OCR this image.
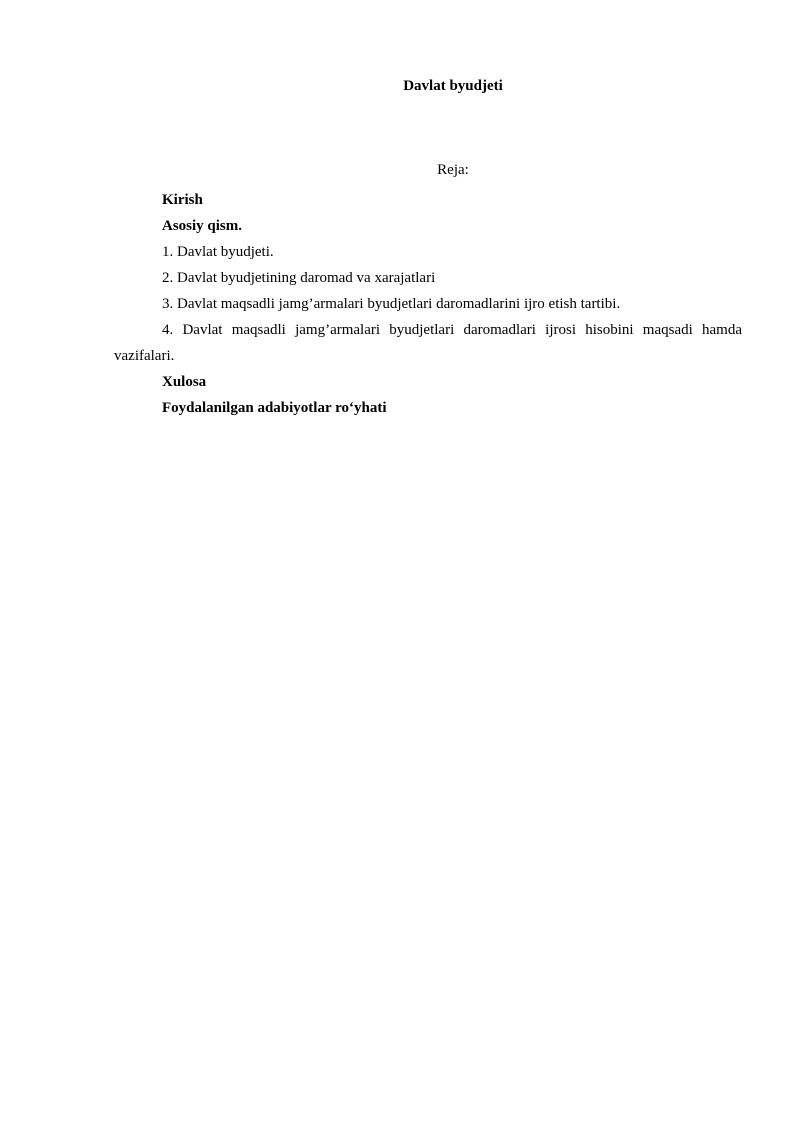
Davlat byudjeti

Reja:

Kirish

Asosiy qism.

1. Davlat byudjeti.

2. Davlat byudjetining daromad va xarajatlari

3. Davlat maqsadli jamg’armalari byudjetlari daromadlarini ijro etish tartibi.

4. Davlat maqsadli jamg’armalari byudjetlari daromadlari ijrosi hisobini maqsadi hamda vazifalari.

Xulosa

Foydalanilgan adabiyotlar ro‘yhati
